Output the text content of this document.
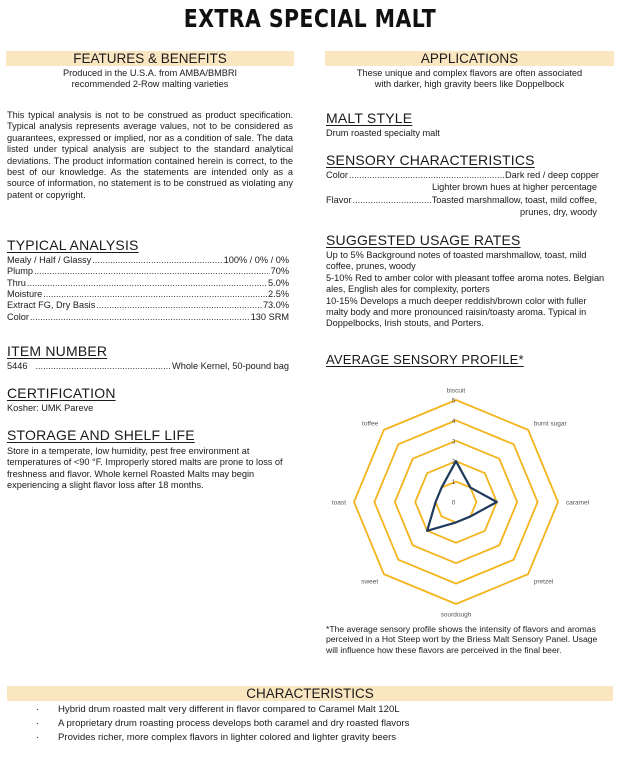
EXTRA SPECIAL MALT
FEATURES & BENEFITS
Produced in the U.S.A. from AMBA/BMBRI
recommended 2-Row malting varieties
This typical analysis is not to be construed as product specification. Typical analysis represents average values, not to be considered as guarantees, expressed or implied, nor as a condition of sale. The data listed under typical analysis are subject to the standard analytical deviations. The product information contained herein is correct, to the best of our knowledge. As the statements are intended only as a source of information, no statement is to be construed as violating any patent or copyright.
TYPICAL ANALYSIS
Mealy / Half / Glassy .....	100% / 0% / 0%
Plump .....	70%
Thru .....	5.0%
Moisture .....	2.5%
Extract FG, Dry Basis .....	73.0%
Color .....	130 SRM
ITEM NUMBER
5446 .....	Whole Kernel, 50-pound bag
CERTIFICATION
Kosher: UMK Pareve
STORAGE AND SHELF LIFE
Store in a temperate, low humidity, pest free environment at temperatures of <90 °F. Improperly stored malts are prone to loss of freshness and flavor. Whole kernel Roasted Malts may begin experiencing a slight flavor loss after 18 months.
APPLICATIONS
These unique and complex flavors are often associated
with darker, high gravity beers like Doppelbock
MALT STYLE
Drum roasted specialty malt
SENSORY CHARACTERISTICS
Color .....	Dark red / deep copper
Lighter brown hues at higher percentage
Flavor .....	Toasted marshmallow, toast, mild coffee,
prunes, dry, woody
SUGGESTED USAGE RATES
Up to 5% Background notes of toasted marshmallow, toast, mild coffee, prunes, woody
5-10% Red to amber color with pleasant toffee aroma notes. Belgian ales, English ales for complexity, porters
10-15% Develops a much deeper reddish/brown color with fuller malty body and more pronounced raisin/toasty aroma. Typical in Doppelbocks, Irish stouts, and Porters.
AVERAGE SENSORY PROFILE*
0
1
2
3
4
5
biscuit
burnt sugar
caramel
pretzel
sourdough
sweet
toast
toffee
*The average sensory profile shows the intensity of flavors and aromas perceived in a Hot Steep wort by the Briess Malt Sensory Panel. Usage will influence how these flavors are perceived in the final beer.
CHARACTERISTICS
· Hybrid drum roasted malt very different in flavor compared to Caramel Malt 120L
· A proprietary drum roasting process develops both caramel and dry roasted flavors
· Provides richer, more complex flavors in lighter colored and lighter gravity beers
